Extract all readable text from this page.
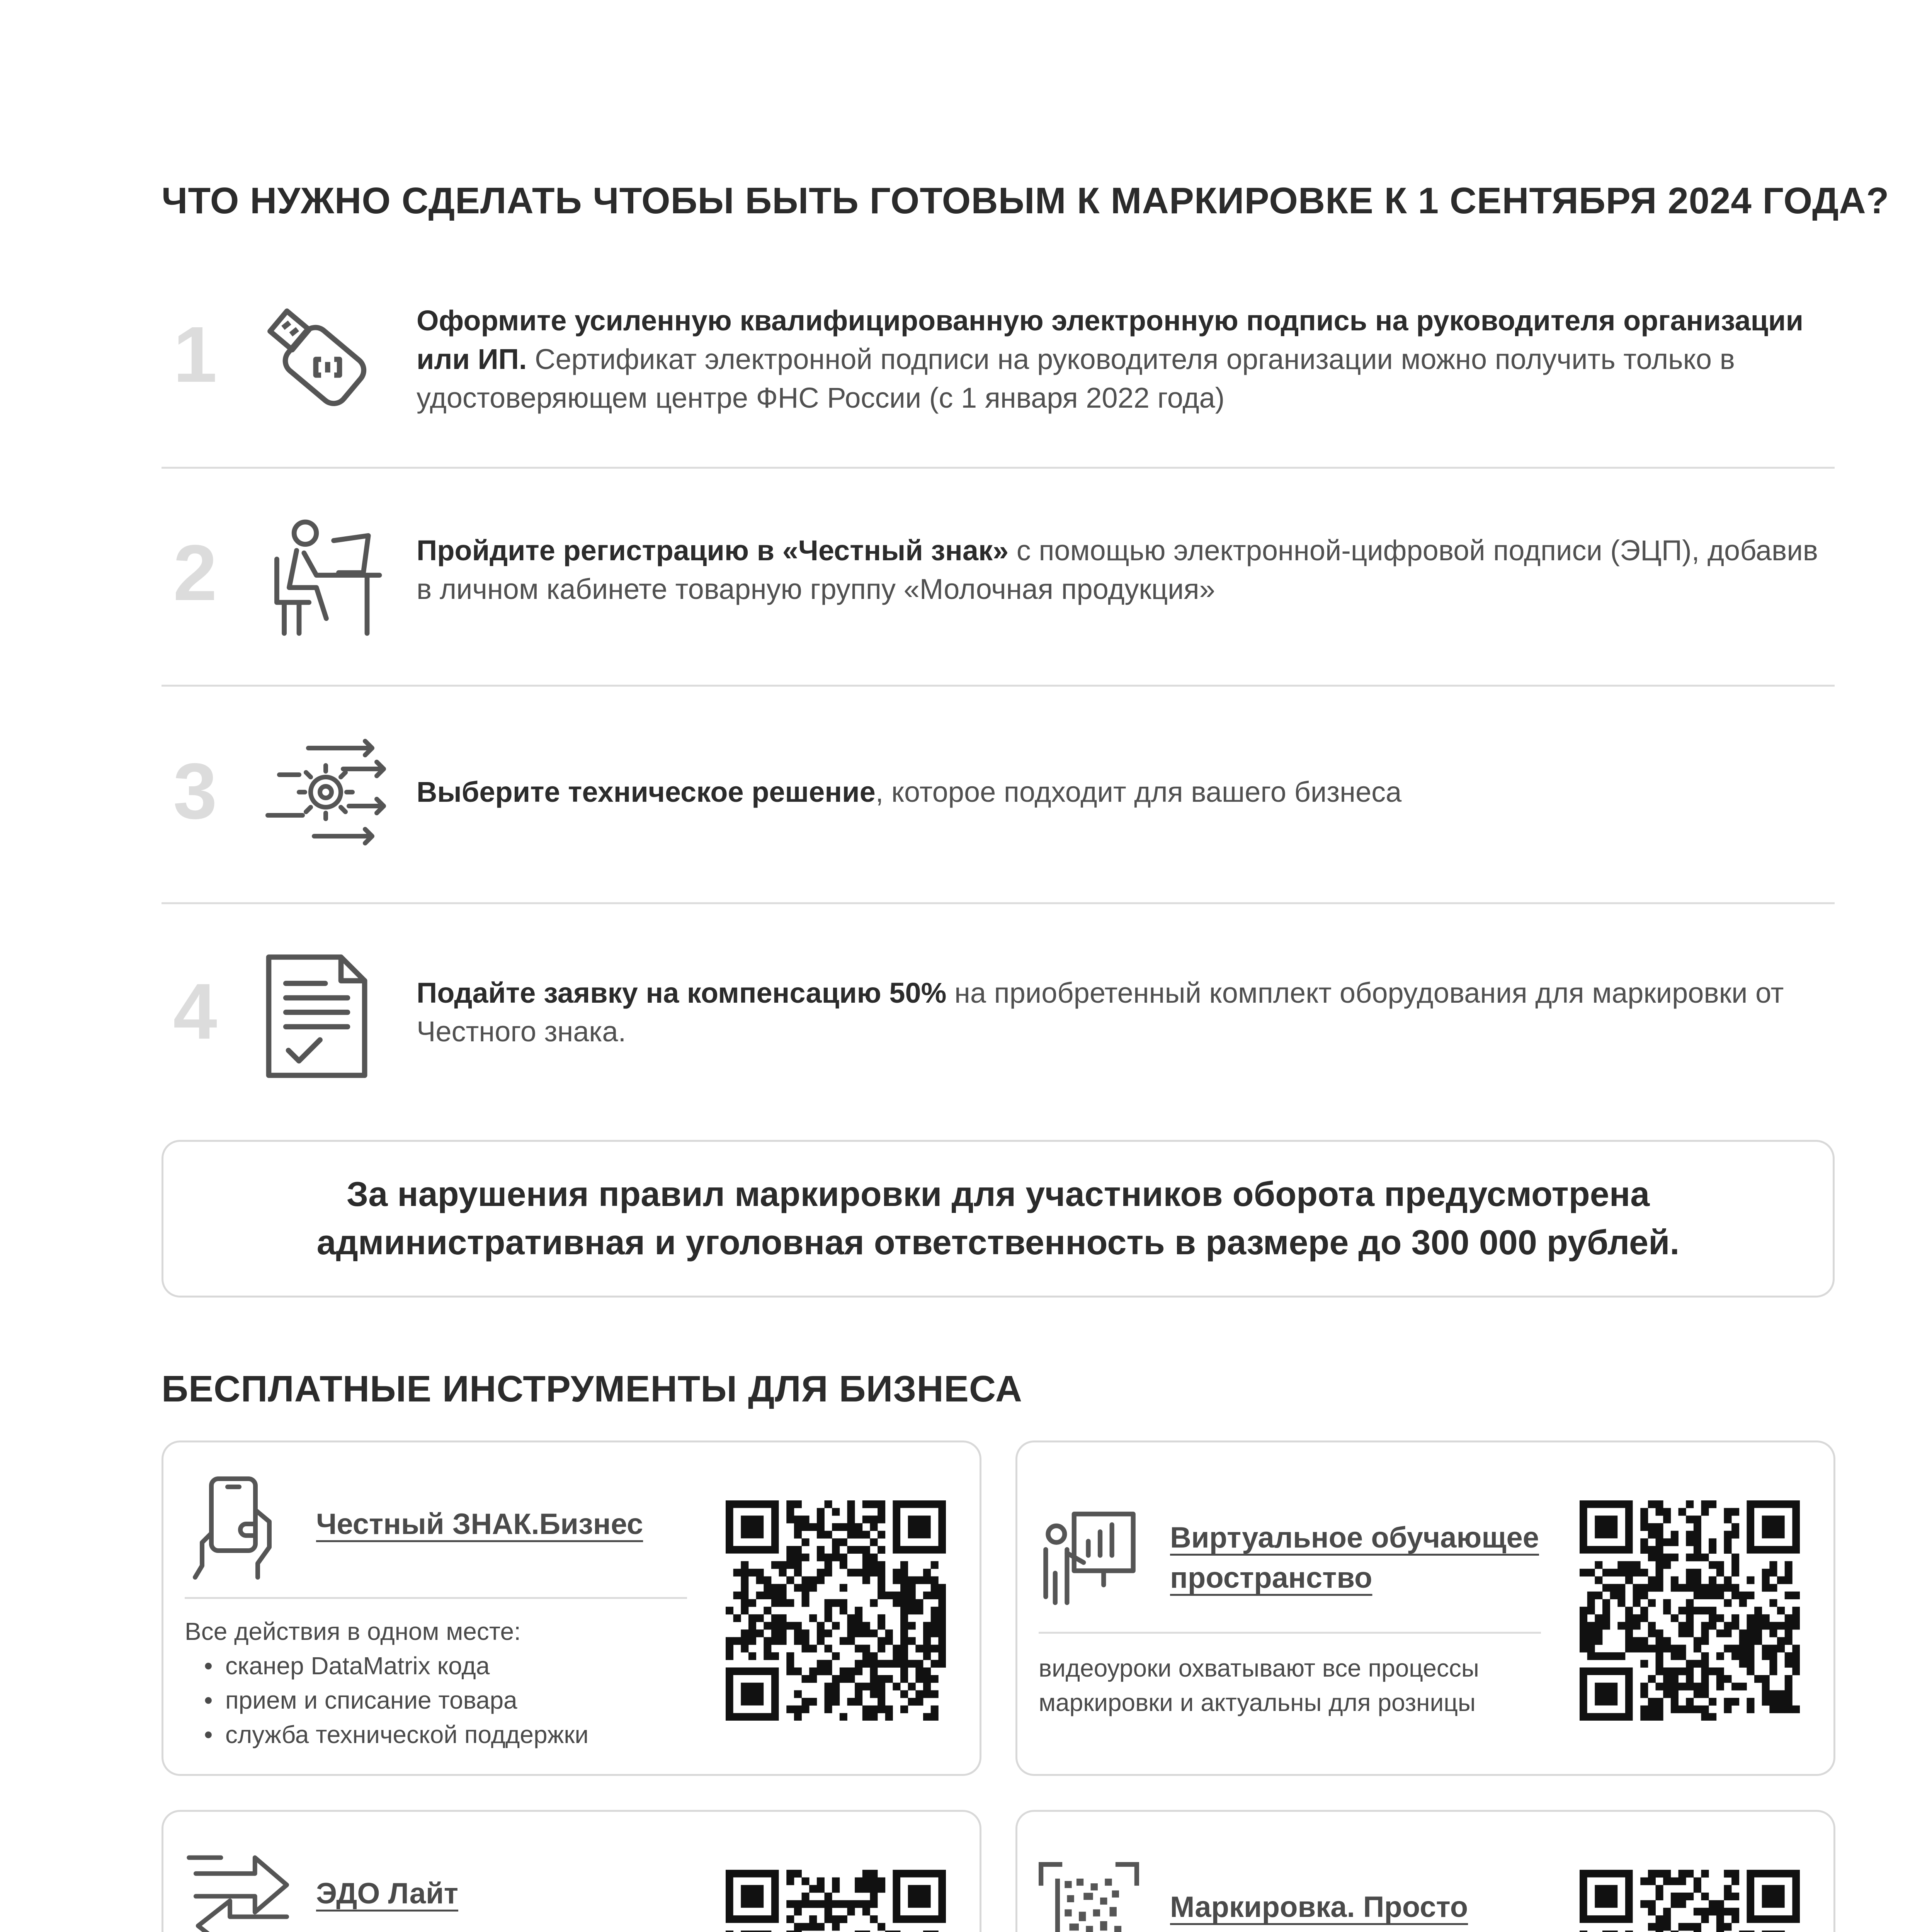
ЧТО НУЖНО СДЕЛАТЬ ЧТОБЫ БЫТЬ ГОТОВЫМ К МАРКИРОВКЕ К 1 СЕНТЯБРЯ 2024 ГОДА?
1	Оформите усиленную квалифицированную электронную подпись на руководителя организации или ИП. Сертификат электронной подписи на руководителя организации можно получить только в удостоверяющем центре ФНС России (с 1 января 2022 года)
2	Пройдите регистрацию в «Честный знак» с помощью электронной-цифровой подписи (ЭЦП), добавив в личном кабинете товарную группу «Молочная продукция»
3	Выберите техническое решение, которое подходит для вашего бизнеса
4	Подайте заявку на компенсацию 50% на приобретенный комплект оборудования для маркировки от Честного знака.
За нарушения правил маркировки для участников оборота предусмотрена
административная и уголовная ответственность в размере до 300 000 рублей.
БЕСПЛАТНЫЕ ИНСТРУМЕНТЫ ДЛЯ БИЗНЕСА
Честный ЗНАК.Бизнес
Все действия в одном месте:
• сканер DataMatrix кода
• прием и списание товара
• служба технической поддержки
Виртуальное обучающее
пространство
видеоуроки охватывают все процессы маркировки и актуальны для розницы
ЭДО Лайт	Маркировка. Просто
